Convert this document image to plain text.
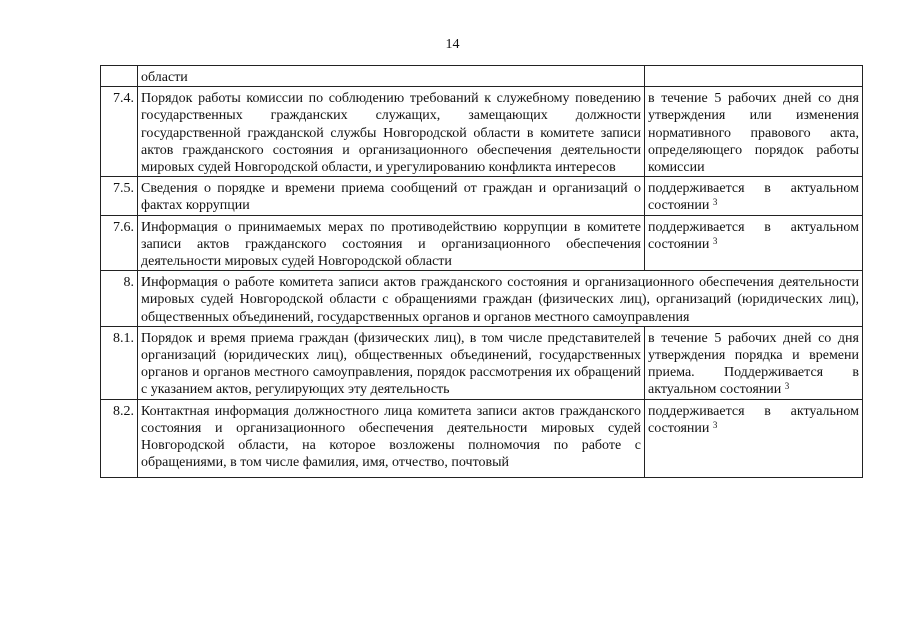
14
	области	
7.4.	Порядок работы комиссии по соблюдению требований к служебному поведению государственных гражданских служащих, замещающих должности государственной гражданской службы Новгородской области в комитете записи актов гражданского состояния и организационного обеспечения деятельности мировых судей Новгородской области, и урегулированию конфликта интересов	в течение 5 рабочих дней со дня утверждения или изменения нормативного правового акта, определяющего порядок работы комиссии
7.5.	Сведения о порядке и времени приема сообщений от граждан и организаций о фактах коррупции	поддерживается в актуальном состоянии $^3$
7.6.	Информация о принимаемых мерах по противодействию коррупции в комитете записи актов гражданского состояния и организационного обеспечения деятельности мировых судей Новгородской области	поддерживается в актуальном состоянии $^3$
8.	Информация о работе комитета записи актов гражданского состояния и организационного обеспечения деятельности мировых судей Новгородской области с обращениями граждан (физических лиц), организаций (юридических лиц), общественных объединений, государственных органов и органов местного самоуправления	
8.1.	Порядок и время приема граждан (физических лиц), в том числе представителей организаций (юридических лиц), общественных объединений, государственных органов и органов местного самоуправления, порядок рассмотрения их обращений с указанием актов, регулирующих эту деятельность	в течение 5 рабочих дней со дня утверждения порядка и времени приема. Поддерживается в актуальном состоянии $^3$
8.2.	Контактная информация должностного лица комитета записи актов гражданского состояния и организационного обеспечения деятельности мировых судей Новгородской области, на которое возложены полномочия по работе с обращениями, в том числе фамилия, имя, отчество, почтовый	поддерживается в актуальном состоянии $^3$
